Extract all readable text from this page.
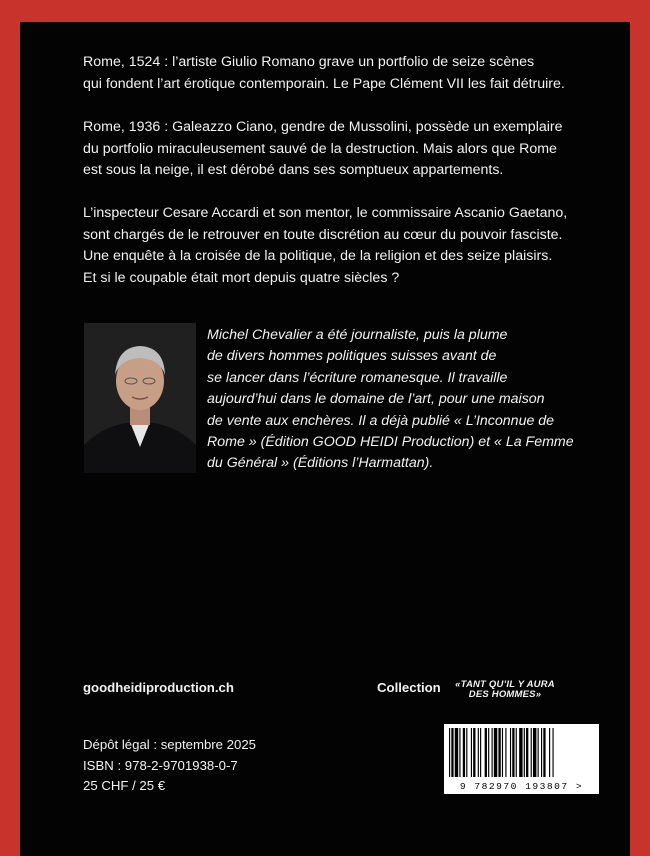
Rome, 1524 : l’artiste Giulio Romano grave un portfolio de seize scènes
qui fondent l’art érotique contemporain. Le Pape Clément VII les fait détruire.

Rome, 1936 : Galeazzo Ciano, gendre de Mussolini, possède un exemplaire
du portfolio miraculeusement sauvé de la destruction. Mais alors que Rome
est sous la neige, il est dérobé dans ses somptueux appartements.

L’inspecteur Cesare Accardi et son mentor, le commissaire Ascanio Gaetano,
sont chargés de le retrouver en toute discrétion au cœur du pouvoir fasciste.
Une enquête à la croisée de la politique, de la religion et des seize plaisirs.
Et si le coupable était mort depuis quatre siècles ?

Michel Chevalier a été journaliste, puis la plume
de divers hommes politiques suisses avant de
se lancer dans l’écriture romanesque. Il travaille
aujourd’hui dans le domaine de l’art, pour une maison
de vente aux enchères. Il a déjà publié « L’Inconnue de
Rome » (Édition GOOD HEIDI Production) et « La Femme
du Général » (Éditions l’Harmattan).
goodheidiproduction.ch	Collection	«TANT QU’IL Y AURA
DES HOMMES»
Dépôt légal : septembre 2025
ISBN : 978-2-9701938-0-7
25 CHF / 25 €	9 782970 193807 >
